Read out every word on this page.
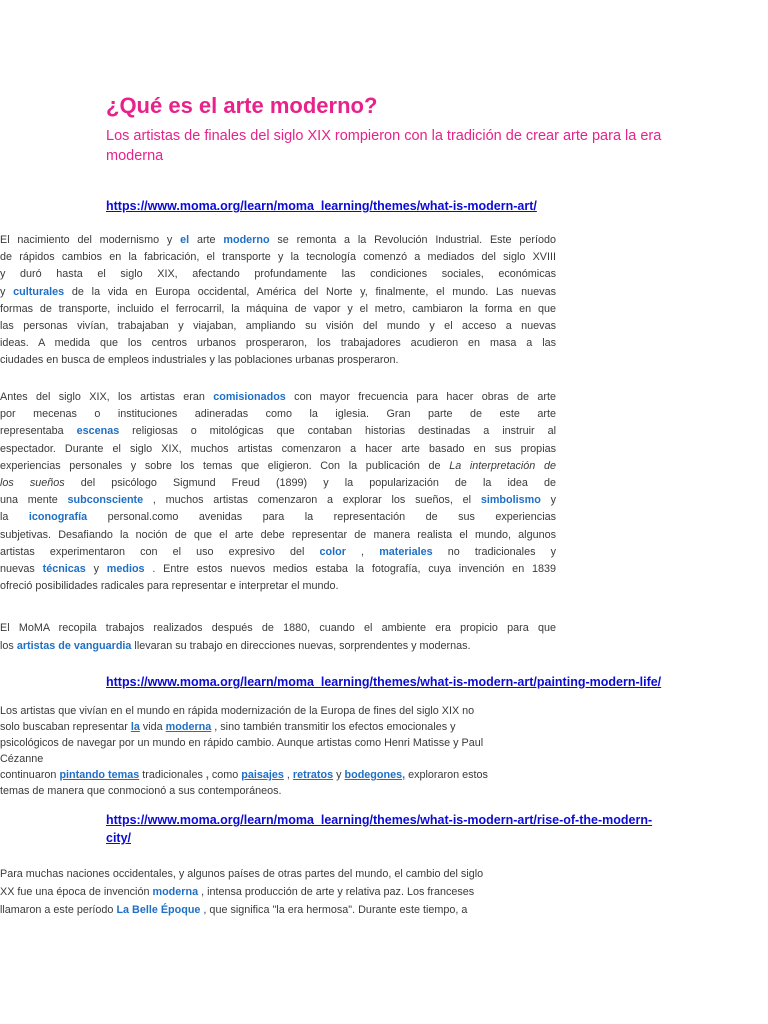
¿Qué es el arte moderno?
Los artistas de finales del siglo XIX rompieron con la tradición de crear arte para la era moderna
https://www.moma.org/learn/moma_learning/themes/what-is-modern-art/

El nacimiento del modernismo y el arte moderno se remonta a la Revolución Industrial. Este período
de rápidos cambios en la fabricación, el transporte y la tecnología comenzó a mediados del siglo XVIII
y duró hasta el siglo XIX, afectando profundamente las condiciones sociales, económicas
y culturales de la vida en Europa occidental, América del Norte y, finalmente, el mundo. Las nuevas
formas de transporte, incluido el ferrocarril, la máquina de vapor y el metro, cambiaron la forma en que
las personas vivían, trabajaban y viajaban, ampliando su visión del mundo y el acceso a nuevas
ideas. A medida que los centros urbanos prosperaron, los trabajadores acudieron en masa a las
ciudades en busca de empleos industriales y las poblaciones urbanas prosperaron.

Antes del siglo XIX, los artistas eran comisionados con mayor frecuencia para hacer obras de arte
por mecenas o instituciones adineradas como la iglesia. Gran parte de este arte
representaba escenas religiosas o mitológicas que contaban historias destinadas a instruir al
espectador. Durante el siglo XIX, muchos artistas comenzaron a hacer arte basado en sus propias
experiencias personales y sobre los temas que eligieron. Con la publicación de La interpretación de
los sueños del psicólogo Sigmund Freud (1899) y la popularización de la idea de
una mente subconsciente , muchos artistas comenzaron a explorar los sueños, el simbolismo y
la iconografía personal.como avenidas para la representación de sus experiencias
subjetivas. Desafiando la noción de que el arte debe representar de manera realista el mundo, algunos
artistas experimentaron con el uso expresivo del color , materiales no tradicionales y
nuevas técnicas y medios . Entre estos nuevos medios estaba la fotografía, cuya invención en 1839
ofreció posibilidades radicales para representar e interpretar el mundo.

El MoMA recopila trabajos realizados después de 1880, cuando el ambiente era propicio para que
los artistas de vanguardia llevaran su trabajo en direcciones nuevas, sorprendentes y modernas.

https://www.moma.org/learn/moma_learning/themes/what-is-modern-art/painting-modern-life/

Los artistas que vivían en el mundo en rápida modernización de la Europa de fines del siglo XIX no
solo buscaban representar la vida moderna , sino también transmitir los efectos emocionales y
psicológicos de navegar por un mundo en rápido cambio. Aunque artistas como Henri Matisse y Paul
Cézanne
continuaron pintando temas tradicionales , como paisajes , retratos y bodegones, exploraron estos
temas de manera que conmocionó a sus contemporáneos.

https://www.moma.org/learn/moma_learning/themes/what-is-modern-art/rise-of-the-modern-
city/

Para muchas naciones occidentales, y algunos países de otras partes del mundo, el cambio del siglo
XX fue una época de invención moderna , intensa producción de arte y relativa paz. Los franceses
llamaron a este período La Belle Époque , que significa "la era hermosa". Durante este tiempo, a
